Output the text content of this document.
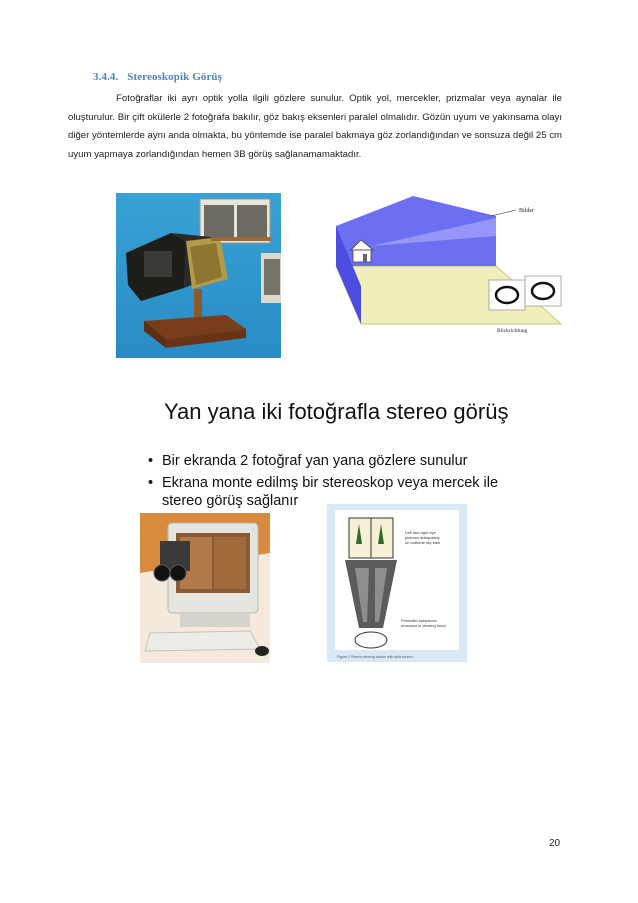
3.4.4. Stereoskopik Görüş
Fotoğraflar iki ayrı optik yolla ilgili gözlere sunulur. Optik yol, mercekler, prizmalar veya aynalar ile oluşturulur. Bir çift okülerle 2 fotoğrafa bakılır, göz bakış eksenleri paralel olmalıdır. Gözün uyum ve yakınsama olayı diğer yöntemlerde aynı anda olmakta, bu yöntemde ise paralel bakmaya göz zorlandığından ve sonsuza değil 25 cm uyum yapmaya zorlandığından hemen 3B görüş sağlanamamaktadır.
Bilder
Blickrichtung
Yan yana iki fotoğrafla stereo görüş
• Bir ekranda 2 fotoğraf yan yana gözlere sunulur
• Ekrana monte edilmş bir stereoskop veya mercek ile
stereo görüş sağlanır
Left and right eye
pictures adequately
on cathode ray tube
Prismatic eyepieces
enclosed in viewing hood
Figure 2 Stereo viewing device with split screen
20
